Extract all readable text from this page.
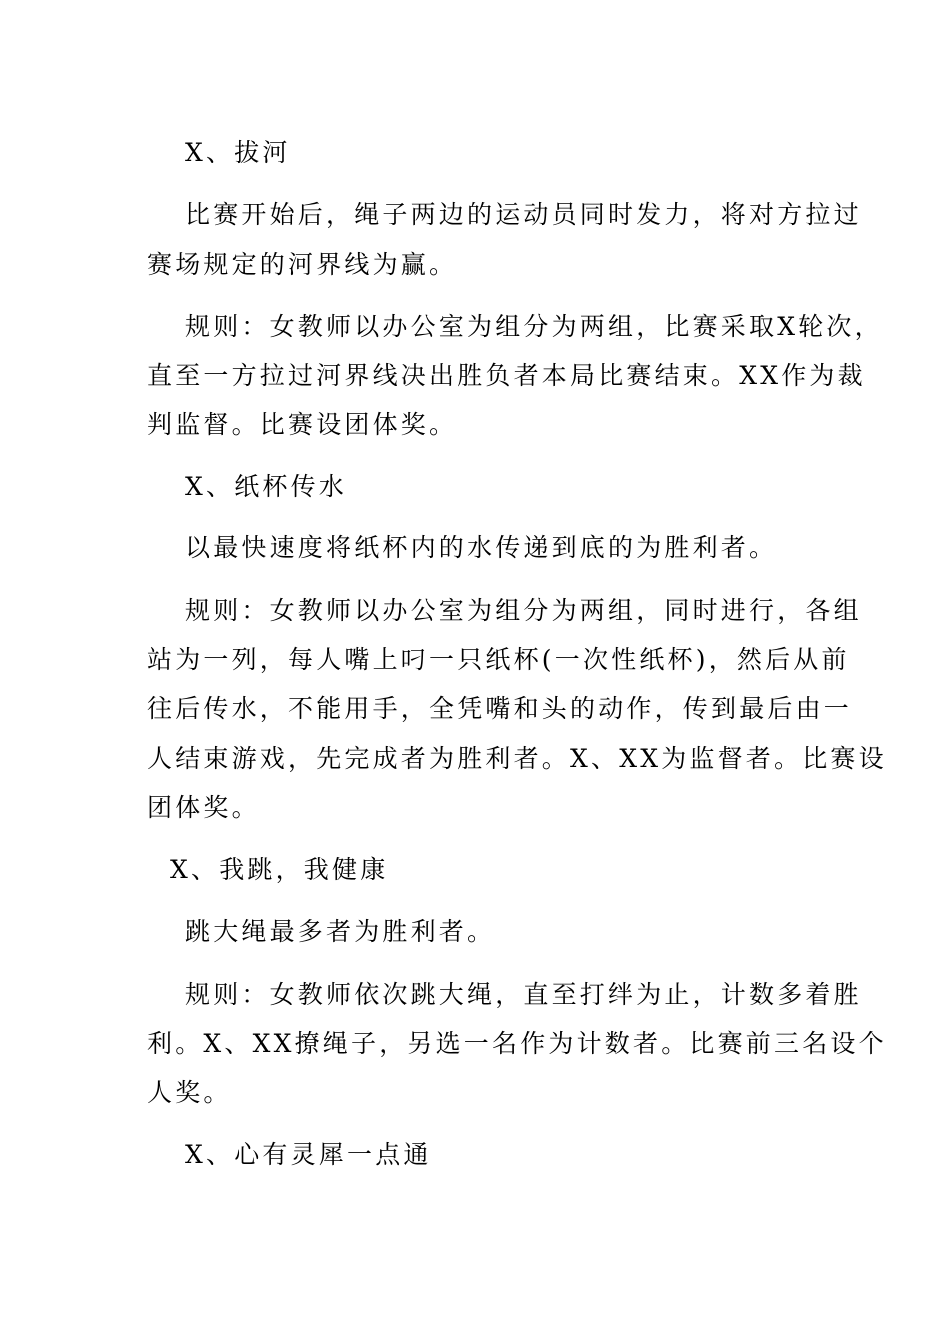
X、拔河
比赛开始后，绳子两边的运动员同时发力，将对方拉过
赛场规定的河界线为赢。
规则：女教师以办公室为组分为两组，比赛采取X轮次，
直至一方拉过河界线决出胜负者本局比赛结束。XX作为裁
判监督。比赛设团体奖。
X、纸杯传水
以最快速度将纸杯内的水传递到底的为胜利者。
规则：女教师以办公室为组分为两组，同时进行，各组
站为一列，每人嘴上叼一只纸杯(一次性纸杯)，然后从前
往后传水，不能用手，全凭嘴和头的动作，传到最后由一
人结束游戏，先完成者为胜利者。X、XX为监督者。比赛设
团体奖。
X、我跳，我健康
跳大绳最多者为胜利者。
规则：女教师依次跳大绳，直至打绊为止，计数多着胜
利。X、XX撩绳子，另选一名作为计数者。比赛前三名设个
人奖。
X、心有灵犀一点通
